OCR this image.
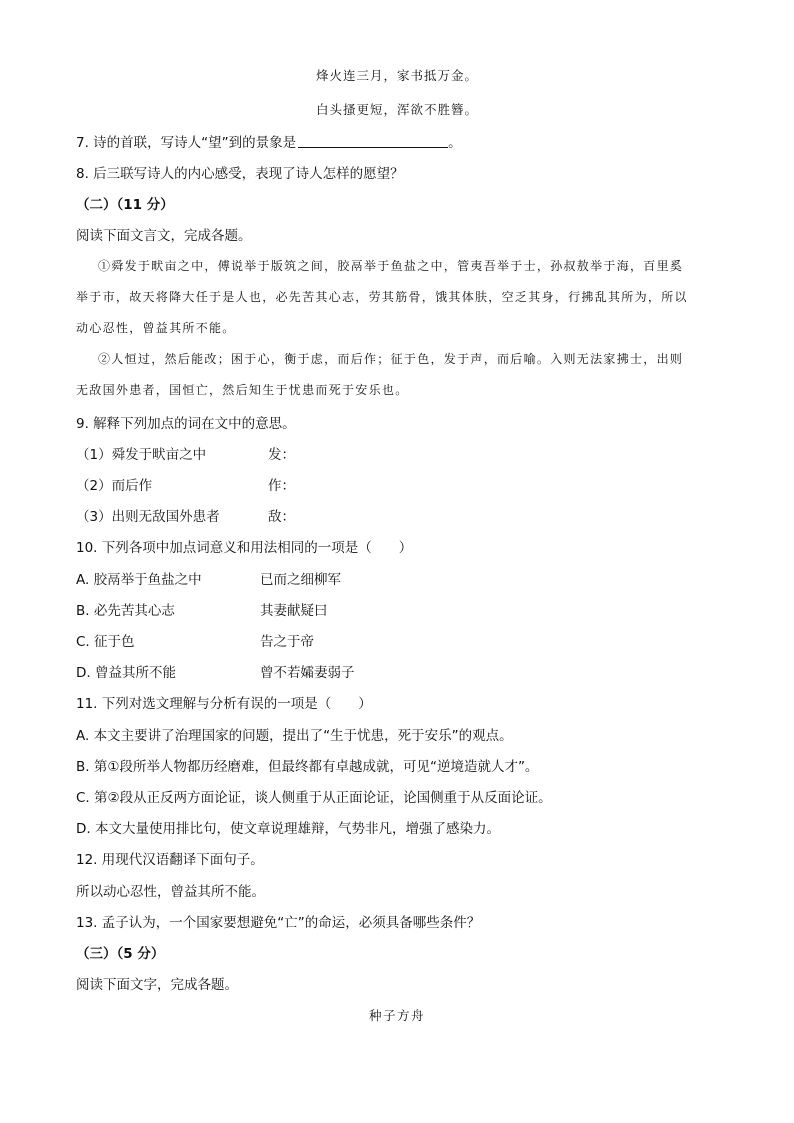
烽火连三月，家书抵万金。
白头搔更短，浑欲不胜簪。
7. 诗的首联，写诗人“望”到的景象是	。
8. 后三联写诗人的内心感受，表现了诗人怎样的愿望？
（二）（11 分）
阅读下面文言文，完成各题。
①舜发于畎亩之中，傅说举于版筑之间，胶鬲举于鱼盐之中，管夷吾举于士，孙叔敖举于海，百里奚
举于市，故天将降大任于是人也，必先苦其心志，劳其筋骨，饿其体肤，空乏其身，行拂乱其所为，所以
动心忍性，曾益其所不能。
②人恒过，然后能改；困于心，衡于虑，而后作；征于色，发于声，而后喻。入则无法家拂士，出则
无敌国外患者，国恒亡，然后知生于忧患而死于安乐也。
9. 解释下列加点的词在文中的意思。
（1）舜发于畎亩之中	发：
（2）而后作	作：
（3）出则无敌国外患者	敌：
10. 下列各项中加点词意义和用法相同的一项是（　　）
A. 胶鬲举于鱼盐之中	已而之细柳军
B. 必先苦其心志	其妻献疑曰
C. 征于色	告之于帝
D. 曾益其所不能	曾不若孀妻弱子
11. 下列对选文理解与分析有误的一项是（　　）
A. 本文主要讲了治理国家的问题，提出了“生于忧患，死于安乐”的观点。
B. 第①段所举人物都历经磨难，但最终都有卓越成就，可见“逆境造就人才”。
C. 第②段从正反两方面论证，谈人侧重于从正面论证，论国侧重于从反面论证。
D. 本文大量使用排比句，使文章说理雄辩，气势非凡，增强了感染力。
12. 用现代汉语翻译下面句子。
所以动心忍性，曾益其所不能。
13. 孟子认为，一个国家要想避免“亡”的命运，必须具备哪些条件？
（三）（5 分）
阅读下面文字，完成各题。
种子方舟
